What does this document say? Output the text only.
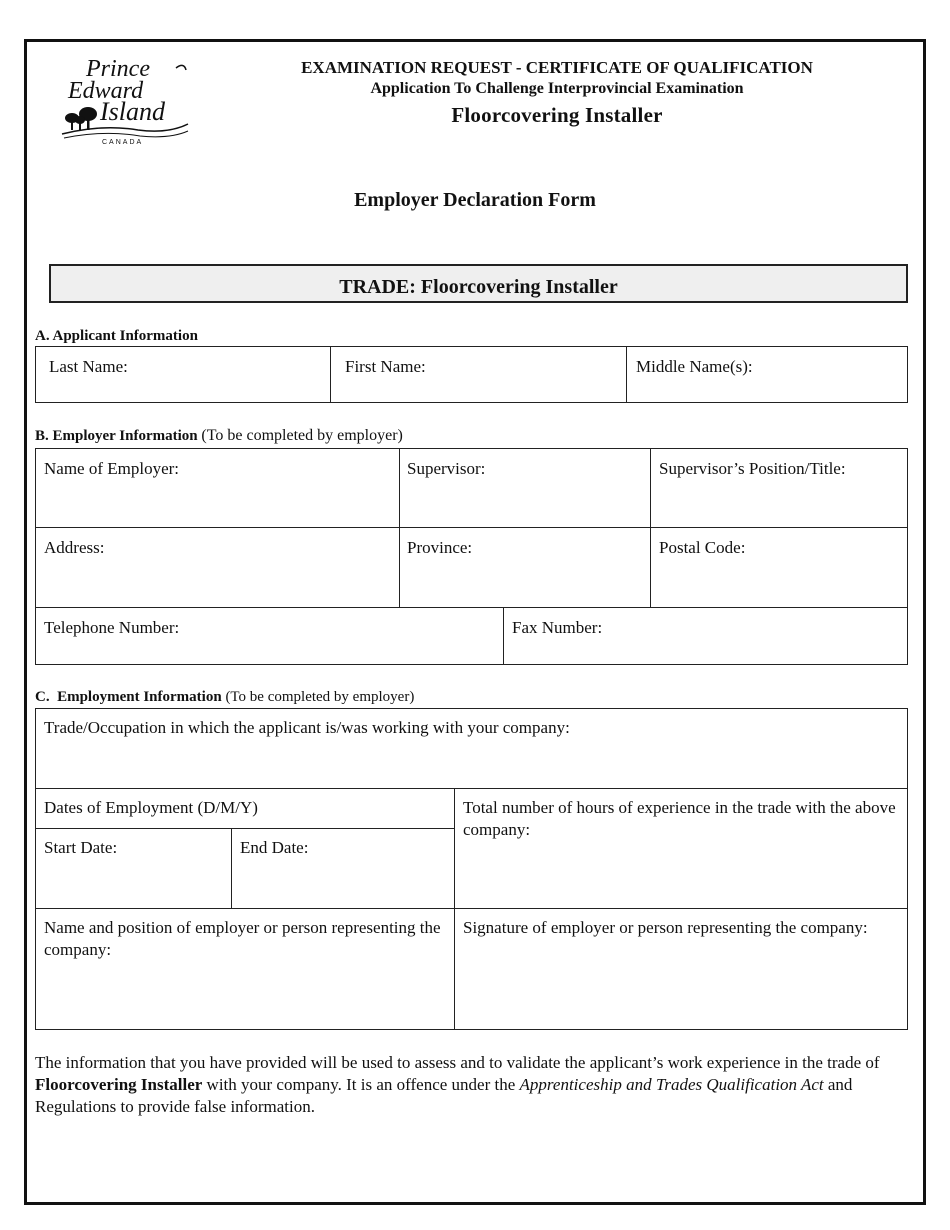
Prince
Edward
Island
CANADA
EXAMINATION REQUEST - CERTIFICATE OF QUALIFICATION
Application To Challenge Interprovincial Examination
Floorcovering Installer
Employer Declaration Form
TRADE: Floorcovering Installer
A. Applicant Information
Last Name:	First Name:	Middle Name(s):
B. Employer Information (To be completed by employer)
Name of Employer:	Supervisor:	Supervisor’s Position/Title:
Address:	Province:	Postal Code:
Telephone Number:	Fax Number:
C. Employment Information (To be completed by employer)
Trade/Occupation in which the applicant is/was working with your company:
Dates of Employment (D/M/Y)
Start Date:	End Date:
Total number of hours of experience in the trade with the above company:
Name and position of employer or person representing the company:
Signature of employer or person representing the company:
The information that you have provided will be used to assess and to validate the applicant’s work experience in the trade of Floorcovering Installer with your company. It is an offence under the Apprenticeship and Trades Qualification Act and Regulations to provide false information.
